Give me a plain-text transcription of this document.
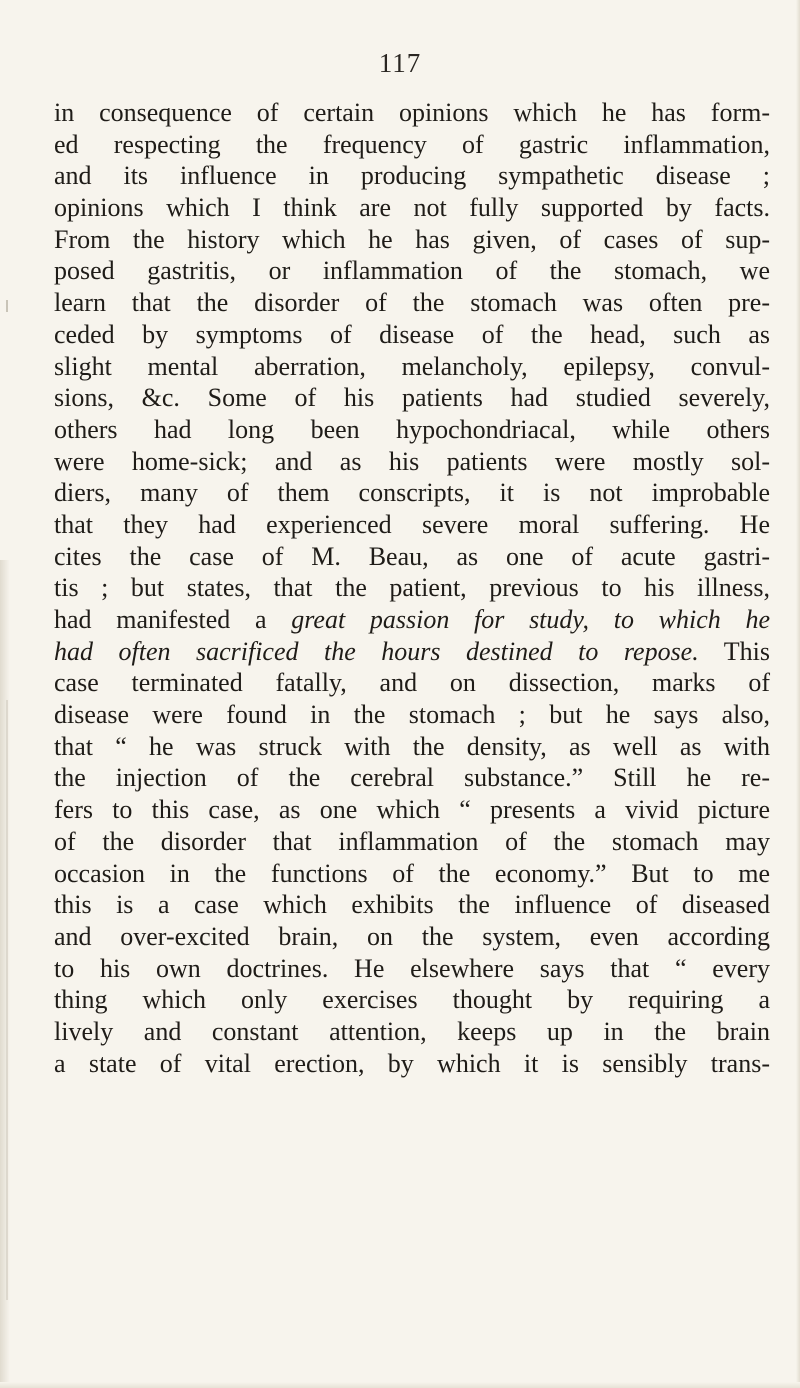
117
in consequence of certain opinions which he has form-
ed respecting the frequency of gastric inflammation,
and its influence in producing sympathetic disease ;
opinions which I think are not fully supported by facts.
From the history which he has given, of cases of sup-
posed gastritis, or inflammation of the stomach, we
learn that the disorder of the stomach was often pre-
ceded by symptoms of disease of the head, such as
slight mental aberration, melancholy, epilepsy, convul-
sions, &c. Some of his patients had studied severely,
others had long been hypochondriacal, while others
were home-sick; and as his patients were mostly sol-
diers, many of them conscripts, it is not improbable
that they had experienced severe moral suffering. He
cites the case of M. Beau, as one of acute gastri-
tis ; but states, that the patient, previous to his illness,
had manifested a great passion for study, to which he
had often sacrificed the hours destined to repose. This
case terminated fatally, and on dissection, marks of
disease were found in the stomach ; but he says also,
that “ he was struck with the density, as well as with
the injection of the cerebral substance.” Still he re-
fers to this case, as one which “ presents a vivid picture
of the disorder that inflammation of the stomach may
occasion in the functions of the economy.” But to me
this is a case which exhibits the influence of diseased
and over-excited brain, on the system, even according
to his own doctrines. He elsewhere says that “ every
thing which only exercises thought by requiring a
lively and constant attention, keeps up in the brain
a state of vital erection, by which it is sensibly trans-
